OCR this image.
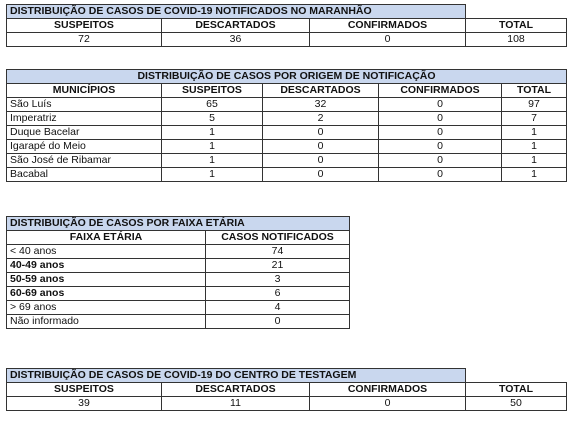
DISTRIBUIÇÃO DE CASOS DE COVID-19 NOTIFICADOS NO MARANHÃO			
SUSPEITOS	DESCARTADOS	CONFIRMADOS	TOTAL
72	36	0	108
DISTRIBUIÇÃO DE CASOS POR ORIGEM DE NOTIFICAÇÃO				
MUNICÍPIOS	SUSPEITOS	DESCARTADOS	CONFIRMADOS	TOTAL
São Luís	65	32	0	97
Imperatriz	5	2	0	7
Duque Bacelar	1	0	0	1
Igarapé do Meio	1	0	0	1
São José de Ribamar	1	0	0	1
Bacabal	1	0	0	1
DISTRIBUIÇÃO DE CASOS POR FAIXA ETÁRIA	
FAIXA ETÁRIA	CASOS NOTIFICADOS
< 40 anos	74
40-49 anos	21
50-59 anos	3
60-69 anos	6
> 69 anos	4
Não informado	0
DISTRIBUIÇÃO DE CASOS DE COVID-19 DO CENTRO DE TESTAGEM			
SUSPEITOS	DESCARTADOS	CONFIRMADOS	TOTAL
39	11	0	50
